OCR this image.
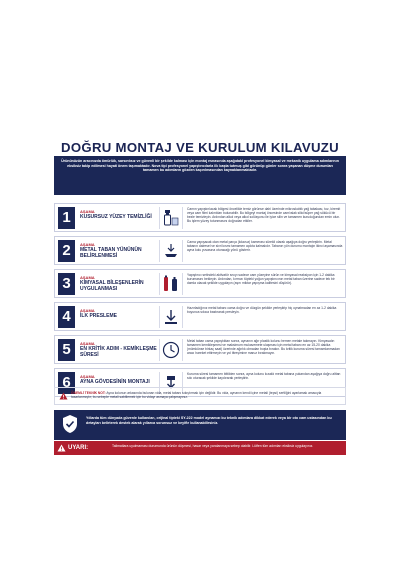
DOĞRU MONTAJ VE KURULUM KILAVUZU
Ürününüzün aracınızda ömürlük, sarsıntısız ve güvenli bir şekilde kalması için montaj esnasında aşağıdaki profesyonel kimyasal ve mekanik uygulama adımlarının eksiksiz takip edilmesi hayati önem taşımaktadır. Nova tipi profesyonel yapıştırıcılarla ilk başta tutmuş gibi görünüp günler sonra yaşanan düşme durumları tamamen bu adımların gözden kaçırılmasından kaynaklanmaktadır.
1	AŞAMA
KUSURSUZ YÜZEY TEMİZLİĞİ
Camın yapıştırılacak bölgesi öncelikle temiz görünse dahi üzerinde mikroskobik yağ tabakası, toz, kiremit veya cam filmi kalıntıları bulunabilir. Bu bölgeyi montaj öncesinde cam/ıslak silici/süper yağ sökücü bir bezle temizleyin. Ardından alkol veya alkol solüsyonu ile iyice silin ve tamamen kuruduğundan emin olun. Bu işlem yüzey tutunmasını doğrudan etkiler.
2	AŞAMA
METAL TABAN YÜNÜNÜN BELİRLENMESİ
Cama yapışacak olan metal parça (kılavuz) kamerası sürekli olarak aşağıya doğru yerleştirin. Metal tabanın dairesel ve sivri kısmı tamamen açıkta kalmalıdır. Tabanın yön durumu montajın ikinci aşamasında ayna kolu yuvasına oturacağı yönü gösterir.
3	AŞAMA
KİMYASAL BİLEŞENLERİN UYGULANMASI
Yapıştırıcı setindeki aktivatör sıvıyı sadece cam yüzeyine sürün ve kimyasal reaksiyon için 1-2 dakika kurumasını bekleyin. Ardından, kırmızı tüpteki yoğun yapıştırıcının metal taban üzerine sadece tek bir damla olacak şekilde uygulayın (aşırı miktar yapışma kalitesini düşürür).
4	AŞAMA
İLK PRESLEME
Hazırladığınız metal tabanı cama doğru ve düzgün şekilde yerleştirip hiç oynatmadan en az 1-2 dakika boyunca sıkıca bastırarak presleyin.
5	AŞAMA
EN KRİTİK ADIM - KEMİKLEŞME SÜRESİ
Metal taban cama yapıştıktan sonra, aynanın ağır plastik kolunu hemen metale takmayın. Kimyasalın tamamen kemikleşmesi ve maksimum mukavemete ulaşması için metal tabanı en az 15-20 dakika (mümkünse birkaç saat) üzerinde ağırlık olmadan boşta bırakın. Bu kritik kuruma süresi tamamlanmadan aracı hareket ettirmeyin ve yol titreşimine maruz bırakmayın.
6	AŞAMA
AYNA GÖVDESİNİN MONTAJI
Kuruma süresi tamamen bittikten sonra, ayna kolunu kızaklı metal tabana yukarıdan aşağıya doğru alttan sıkı oturacak şekilde kaydırarak yerleştirin.
ÖNEMLİ TEKNİK NOT: Ayna kolunun arkasında bulunan vida, metal tabanı sıkıştırmak için değildir. Bu vida, aynanın kendi içine metali (tepsi) sertliğini ayarlamak amacıyla tasarlanmıştır; bu sebeple metali sabitlemek için bu vidayı asmaya çalışmayınız.
Yıllarda tüm dünyada güvenle kullanılan, orijinal tipteki SY-222 model aynamızı bu teknik adımlara dikkat ederek veya bir oto cam ustasından bu detayları belirterek destek alarak yıllarca sorunsuz ve keyifle kullanabilirsiniz.
UYARI:	Talimatlara uyulmaması durumunda ürünün düşmesi, hasar veya yaralanmaya sebep olabilir. Lütfen tüm adımları eksiksiz uygulayınız.
